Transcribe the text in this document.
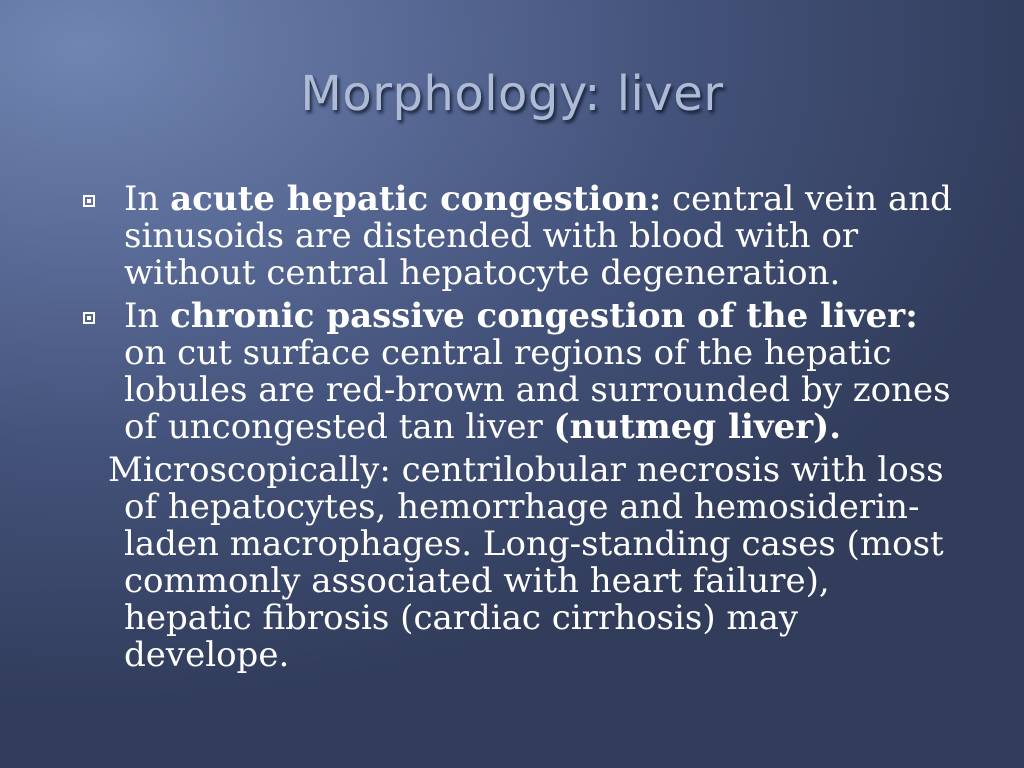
Morphology: liver

In acute hepatic congestion: central vein and sinusoids are distended with blood with or without central hepatocyte degeneration.

In chronic passive congestion of the liver: on cut surface central regions of the hepatic lobules are red-brown and surrounded by zones of uncongested tan liver (nutmeg liver).

Microscopically: centrilobular necrosis with loss of hepatocytes, hemorrhage and hemosiderin-laden macrophages. Long-standing cases (most commonly associated with heart failure), hepatic fibrosis (cardiac cirrhosis) may develope.
